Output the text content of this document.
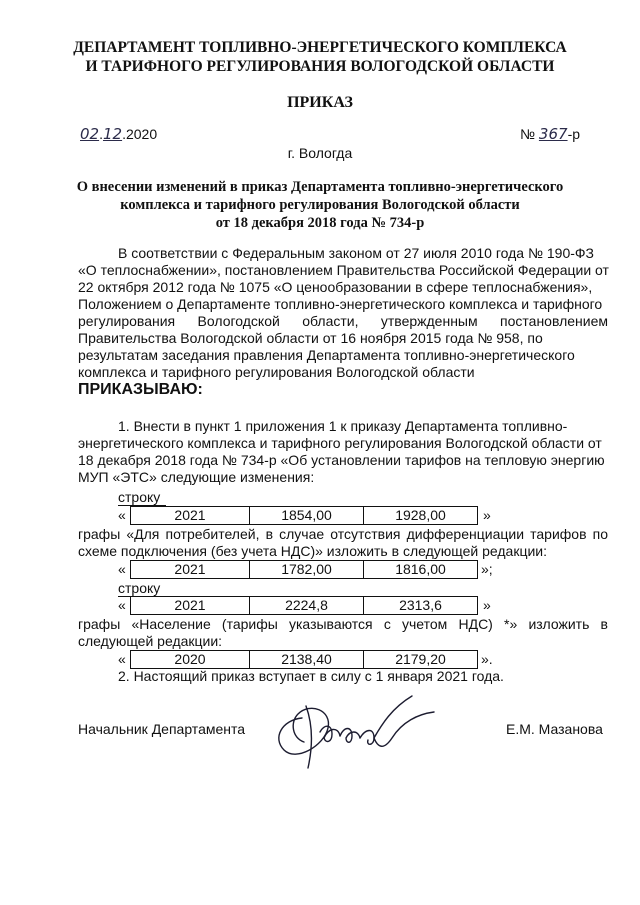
ДЕПАРТАМЕНТ ТОПЛИВНО-ЭНЕРГЕТИЧЕСКОГО КОМПЛЕКСА
И ТАРИФНОГО РЕГУЛИРОВАНИЯ ВОЛОГОДСКОЙ ОБЛАСТИ
ПРИКАЗ
02.12.2020	№ 367-р
г. Вологда
О внесении изменений в приказ Департамента топливно-энергетического
комплекса и тарифного регулирования Вологодской области
от 18 декабря 2018 года № 734-р
В соответствии с Федеральным законом от 27 июля 2010 года № 190-ФЗ
«О теплоснабжении», постановлением Правительства Российской Федерации от
22 октября 2012 года № 1075 «О ценообразовании в сфере теплоснабжения»,
Положением о Департаменте топливно-энергетического комплекса и тарифного
регулирования Вологодской области, утвержденным постановлением
Правительства Вологодской области от 16 ноября 2015 года № 958, по
результатам заседания правления Департамента топливно-энергетического
комплекса и тарифного регулирования Вологодской области
ПРИКАЗЫВАЮ:
1. Внести в пункт 1 приложения 1 к приказу Департамента топливно-
энергетического комплекса и тарифного регулирования Вологодской области от
18 декабря 2018 года № 734-р «Об установлении тарифов на тепловую энергию
МУП «ЭТС» следующие изменения:
строку
«	2021	1854,00	1928,00	»
графы «Для потребителей, в случае отсутствия дифференциации тарифов по
схеме подключения (без учета НДС)» изложить в следующей редакции:
«	2021	1782,00	1816,00	»;
строку
«	2021	2224,8	2313,6	»
графы «Население (тарифы указываются с учетом НДС) *» изложить в
следующей редакции:
«	2020	2138,40	2179,20	».
2. Настоящий приказ вступает в силу с 1 января 2021 года.
Начальник Департамента	Е.М. Мазанова
